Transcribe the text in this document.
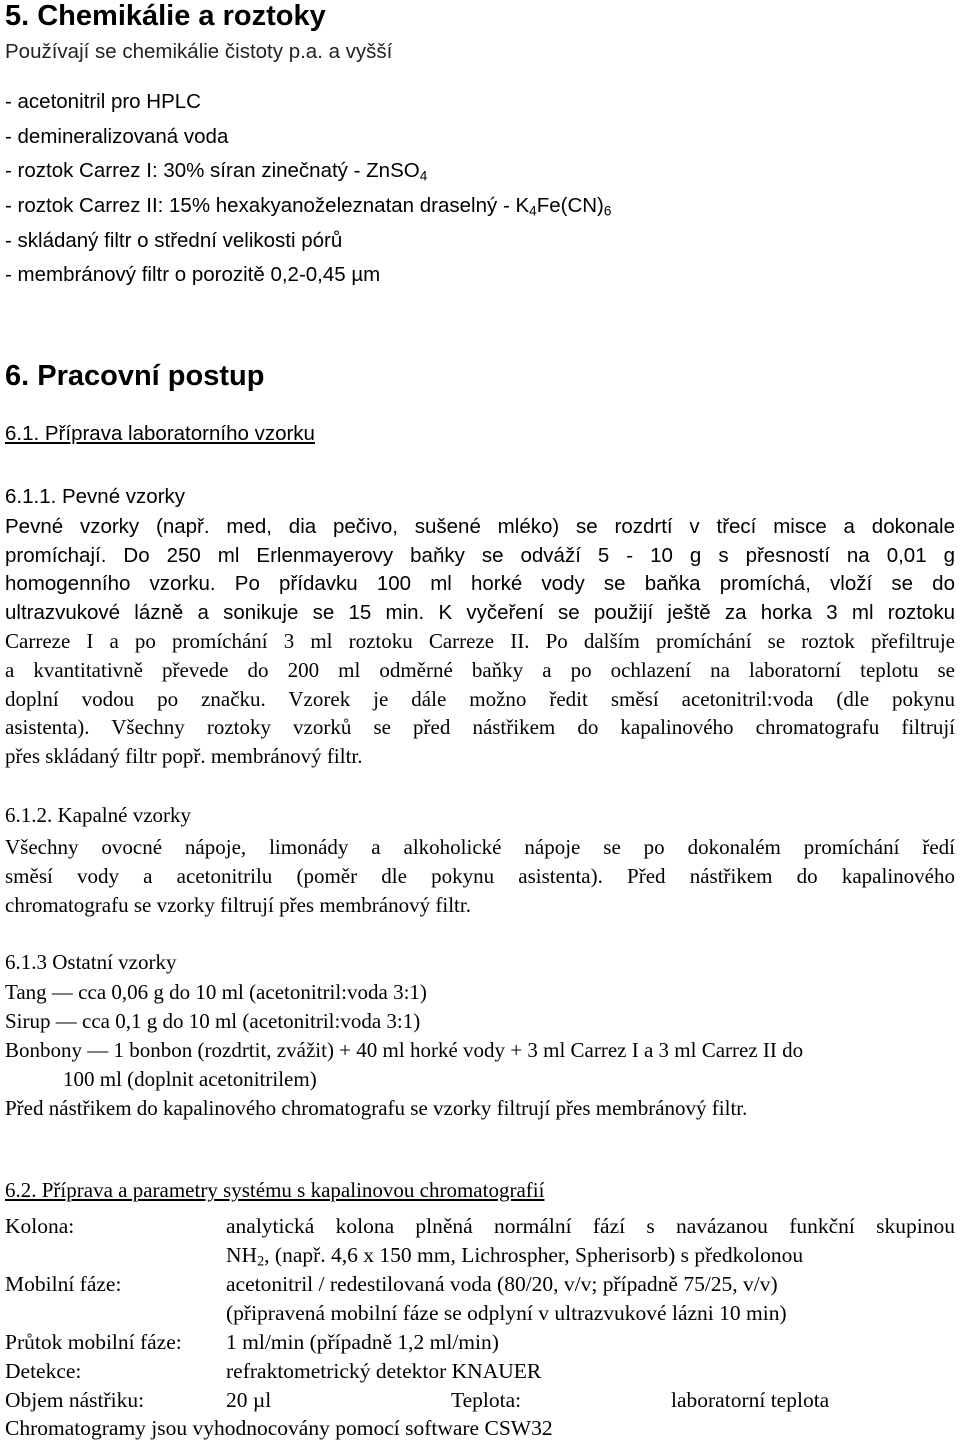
5. Chemikálie a roztoky
Používají se chemikálie čistoty p.a. a vyšší
- acetonitril pro HPLC
- demineralizovaná voda
- roztok Carrez I: 30% síran zinečnatý - ZnSO$_4$
- roztok Carrez II: 15% hexakyanoželeznatan draselný - $K_4Fe(CN)_6$
- skládaný filtr o střední velikosti pórů
- membránový filtr o porozitě 0,2-0,45 µm
6. Pracovní postup
6.1. Příprava laboratorního vzorku
6.1.1. Pevné vzorky
Pevné vzorky (např. med, dia pečivo, sušené mléko) se rozdrtí v třecí misce a dokonale
promíchají. Do 250 ml Erlenmayerovy baňky se odváží 5 - 10 g s přesností na 0,01 g
homogenního vzorku. Po přídavku 100 ml horké vody se baňka promíchá, vloží se do
ultrazvukové lázně a sonikuje se 15 min. K vyčeření se použijí ještě za horka 3 ml roztoku
Carreze I a po promíchání 3 ml roztoku Carreze II. Po dalším promíchání se roztok přefiltruje
a kvantitativně převede do 200 ml odměrné baňky a po ochlazení na laboratorní teplotu se
doplní vodou po značku. Vzorek je dále možno ředit směsí acetonitril:voda (dle pokynu
asistenta). Všechny roztoky vzorků se před nástřikem do kapalinového chromatografu filtrují
přes skládaný filtr popř. membránový filtr.
6.1.2. Kapalné vzorky
Všechny ovocné nápoje, limonády a alkoholické nápoje se po dokonalém promíchání ředí
směsí vody a acetonitrilu (poměr dle pokynu asistenta). Před nástřikem do kapalinového
chromatografu se vzorky filtrují přes membránový filtr.
6.1.3 Ostatní vzorky
Tang — cca 0,06 g do 10 ml (acetonitril:voda 3:1)
Sirup — cca 0,1 g do 10 ml (acetonitril:voda 3:1)
Bonbony — 1 bonbon (rozdrtit, zvážit) + 40 ml horké vody + 3 ml Carrez I a 3 ml Carrez II do
100 ml (doplnit acetonitrilem)
Před nástřikem do kapalinového chromatografu se vzorky filtrují přes membránový filtr.
6.2. Příprava a parametry systému s kapalinovou chromatografií
Kolona:	analytická kolona plněná normální fází s navázanou funkční skupinou
$NH_2$, (např. 4,6 x 150 mm, Lichrospher, Spherisorb) s předkolonou
Mobilní fáze:	acetonitril / redestilovaná voda (80/20, v/v; případně 75/25, v/v)
(připravená mobilní fáze se odplyní v ultrazvukové lázni 10 min)
Průtok mobilní fáze: 1 ml/min (případně 1,2 ml/min)
Detekce:	refraktometrický detektor KNAUER
Objem nástřiku:	20 µl	Teplota:	laboratorní teplota
Chromatogramy jsou vyhodnocovány pomocí software CSW32
